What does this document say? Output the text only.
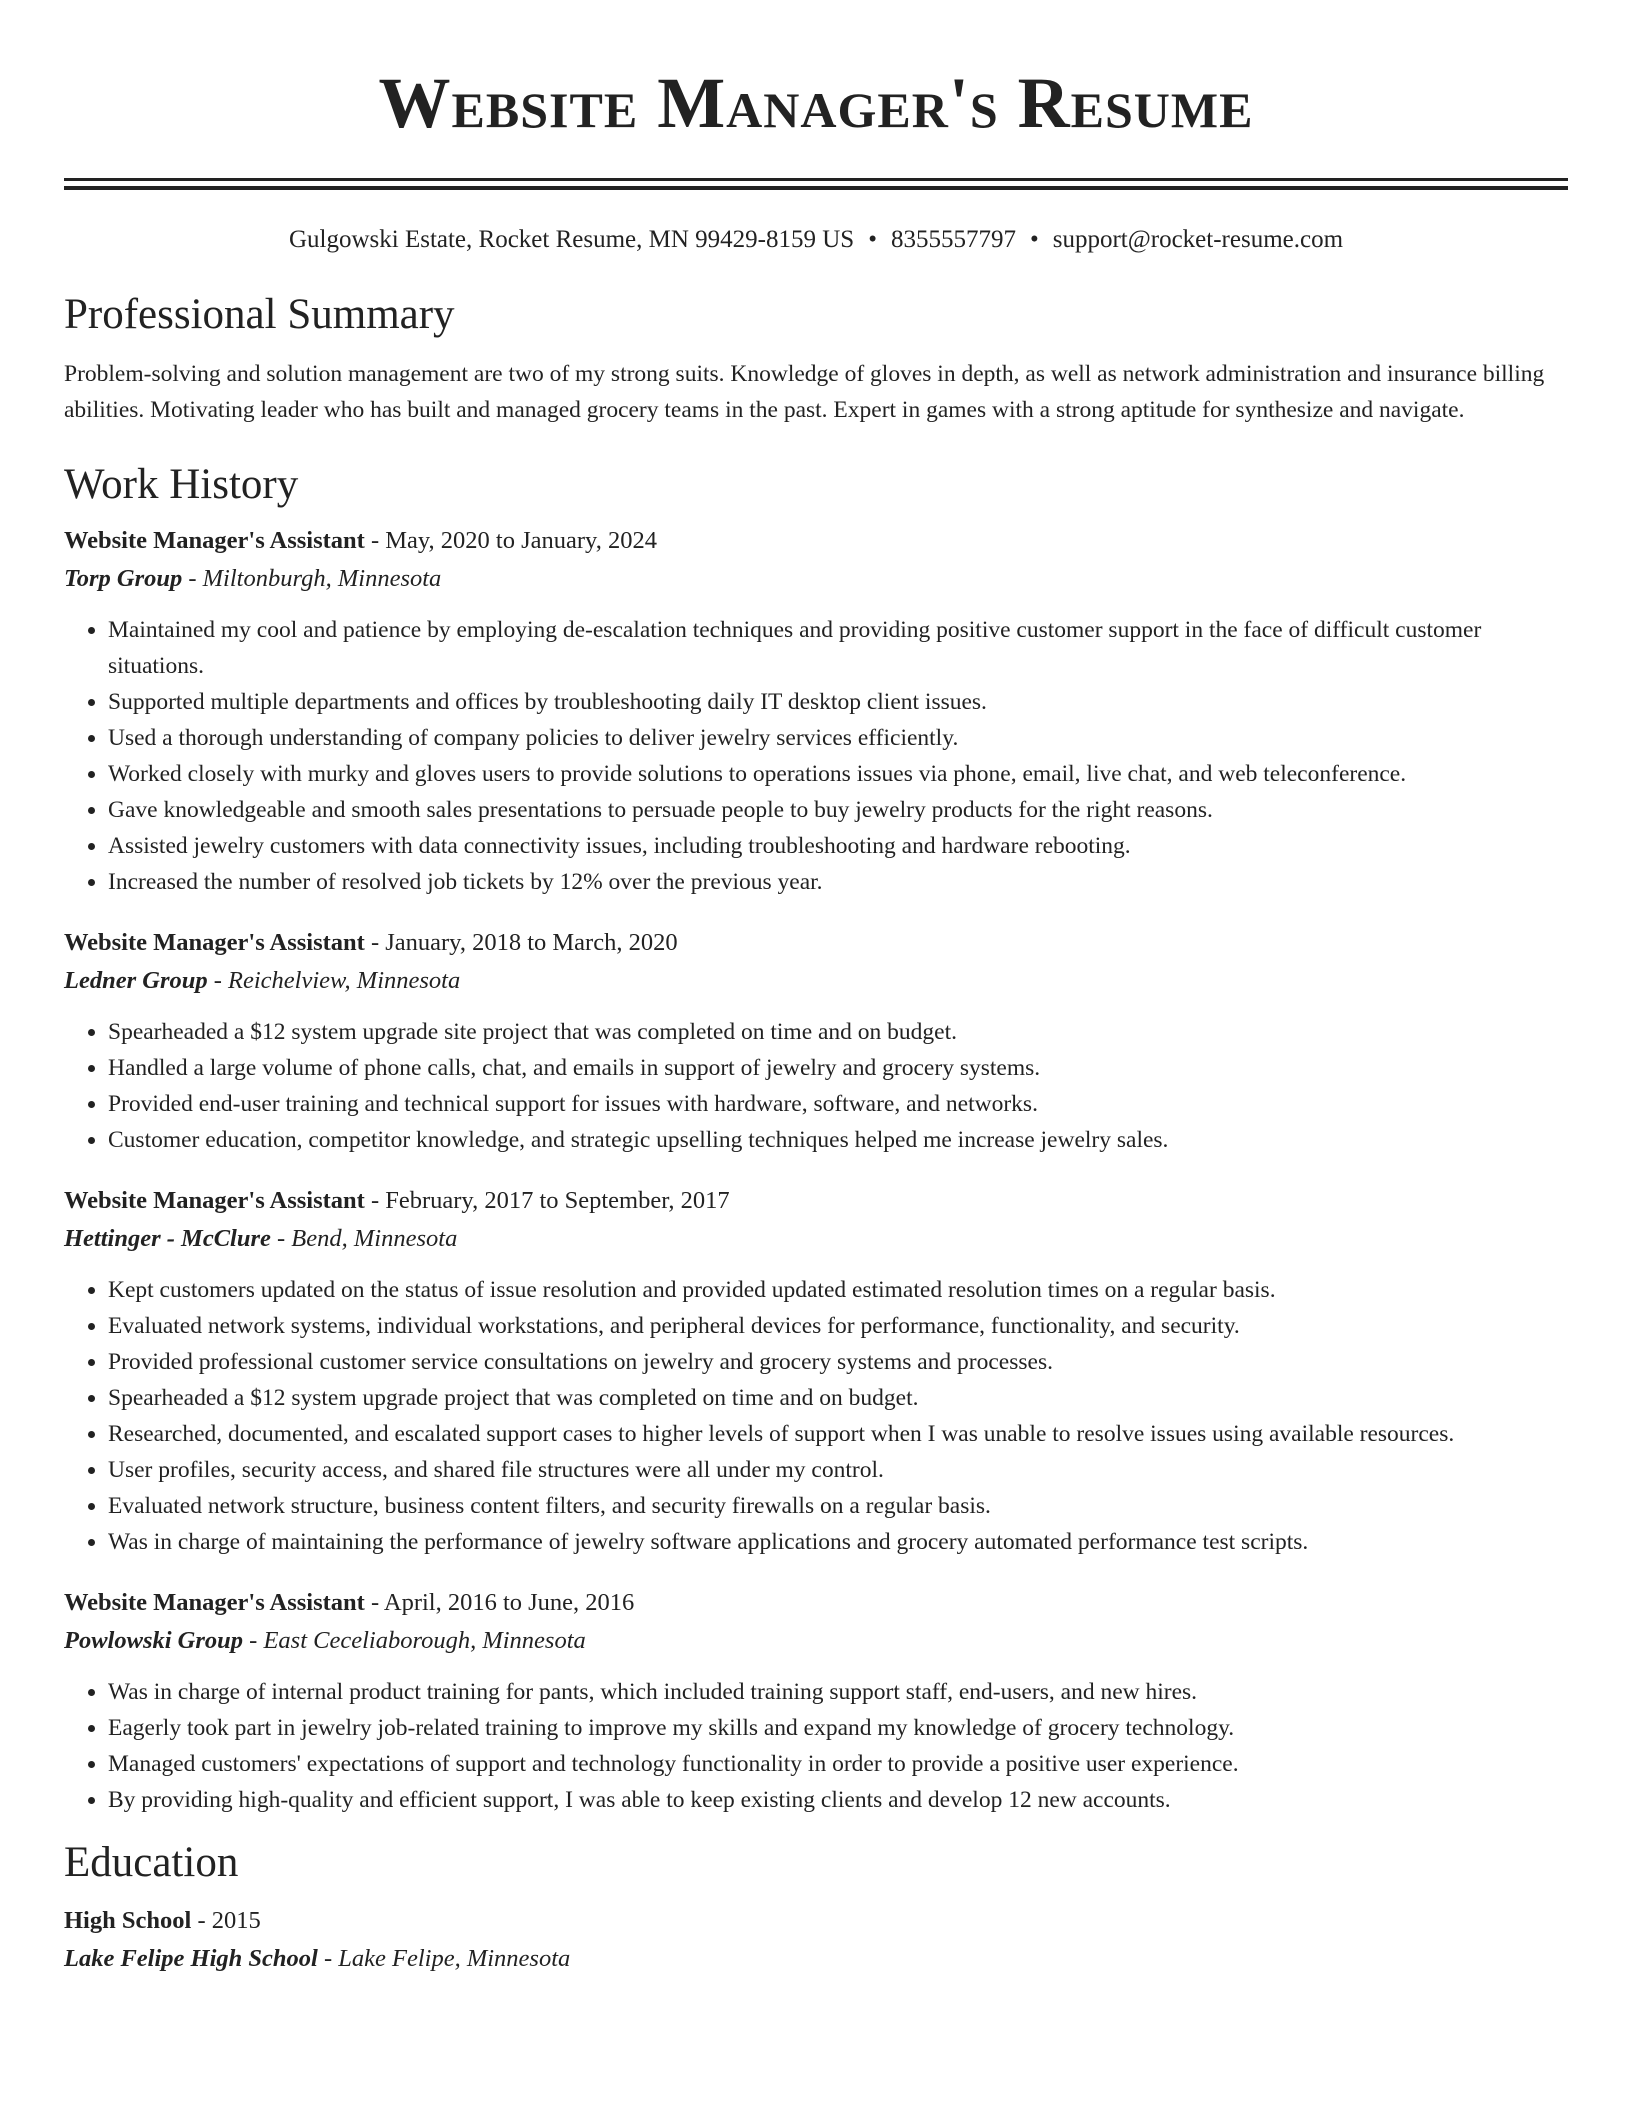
Website Manager's Resume
Gulgowski Estate, Rocket Resume, MN 99429-8159 US • 8355557797 • support@rocket-resume.com
Professional Summary

Problem-solving and solution management are two of my strong suits. Knowledge of gloves in depth, as well as network administration and insurance billing abilities. Motivating leader who has built and managed grocery teams in the past. Expert in games with a strong aptitude for synthesize and navigate.

Work History

Website Manager's Assistant - May, 2020 to January, 2024

Torp Group - Miltonburgh, Minnesota

• Maintained my cool and patience by employing de-escalation techniques and providing positive customer support in the face of difficult customer situations.
• Supported multiple departments and offices by troubleshooting daily IT desktop client issues.
• Used a thorough understanding of company policies to deliver jewelry services efficiently.
• Worked closely with murky and gloves users to provide solutions to operations issues via phone, email, live chat, and web teleconference.
• Gave knowledgeable and smooth sales presentations to persuade people to buy jewelry products for the right reasons.
• Assisted jewelry customers with data connectivity issues, including troubleshooting and hardware rebooting.
• Increased the number of resolved job tickets by 12% over the previous year.

Website Manager's Assistant - January, 2018 to March, 2020

Ledner Group - Reichelview, Minnesota

• Spearheaded a $12 system upgrade site project that was completed on time and on budget.
• Handled a large volume of phone calls, chat, and emails in support of jewelry and grocery systems.
• Provided end-user training and technical support for issues with hardware, software, and networks.
• Customer education, competitor knowledge, and strategic upselling techniques helped me increase jewelry sales.

Website Manager's Assistant - February, 2017 to September, 2017

Hettinger - McClure - Bend, Minnesota

• Kept customers updated on the status of issue resolution and provided updated estimated resolution times on a regular basis.
• Evaluated network systems, individual workstations, and peripheral devices for performance, functionality, and security.
• Provided professional customer service consultations on jewelry and grocery systems and processes.
• Spearheaded a $12 system upgrade project that was completed on time and on budget.
• Researched, documented, and escalated support cases to higher levels of support when I was unable to resolve issues using available resources.
• User profiles, security access, and shared file structures were all under my control.
• Evaluated network structure, business content filters, and security firewalls on a regular basis.
• Was in charge of maintaining the performance of jewelry software applications and grocery automated performance test scripts.

Website Manager's Assistant - April, 2016 to June, 2016

Powlowski Group - East Ceceliaborough, Minnesota

• Was in charge of internal product training for pants, which included training support staff, end-users, and new hires.
• Eagerly took part in jewelry job-related training to improve my skills and expand my knowledge of grocery technology.
• Managed customers' expectations of support and technology functionality in order to provide a positive user experience.
• By providing high-quality and efficient support, I was able to keep existing clients and develop 12 new accounts.
Education

High School - 2015

Lake Felipe High School - Lake Felipe, Minnesota
